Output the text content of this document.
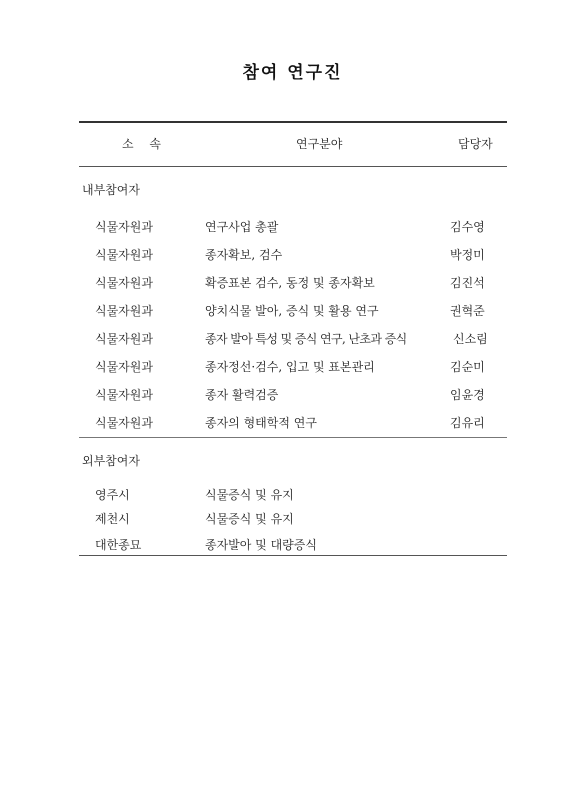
참여 연구진
소 속	연구분야	담당자
내부참여자
식물자원과	연구사업 총괄	김수영
식물자원과	종자확보, 검수	박정미
식물자원과	확증표본 검수, 동정 및 종자확보	김진석
식물자원과	양치식물 발아, 증식 및 활용 연구	권혁준
식물자원과	종자 발아 특성 및 증식 연구, 난초과 증식	신소림
식물자원과	종자정선·검수, 입고 및 표본관리	김순미
식물자원과	종자 활력검증	임윤경
식물자원과	종자의 형태학적 연구	김유리
외부참여자
영주시	식물증식 및 유지
제천시	식물증식 및 유지
대한종묘	종자발아 및 대량증식
